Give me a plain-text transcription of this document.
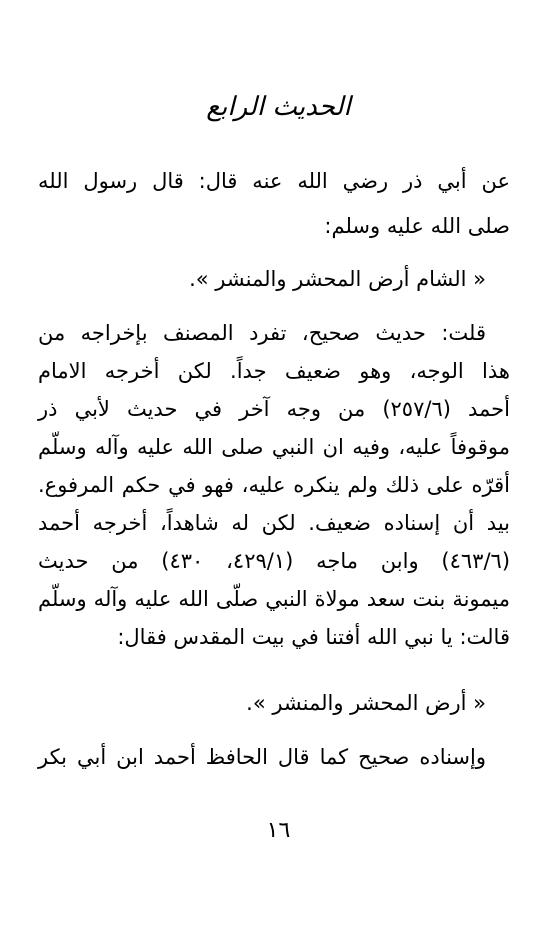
الحديث الرابع
عن أبي ذر رضي الله عنه قال: قال رسول الله
صلى الله عليه وسلم:
« الشام أرض المحشر والمنشر ».
قلت: حديث صحيح، تفرد المصنف بإخراجه من
هذا الوجه، وهو ضعيف جداً. لكن أخرجه الامام
أحمد (٢٥٧/٦) من وجه آخر في حديث لأبي ذر
موقوفاً عليه، وفيه ان النبي صلى الله عليه وآله وسلّم
أقرّه على ذلك ولم ينكره عليه، فهو في حكم المرفوع.
بيد أن إسناده ضعيف. لكن له شاهداً، أخرجه أحمد
(٤٦٣/٦) وابن ماجه (٤٢٩/١، ٤٣٠) من حديث
ميمونة بنت سعد مولاة النبي صلّى الله عليه وآله وسلّم
قالت: يا نبي الله أفتنا في بيت المقدس فقال:
« أرض المحشر والمنشر ».
وإسناده صحيح كما قال الحافظ أحمد ابن أبي بكر
١٦
